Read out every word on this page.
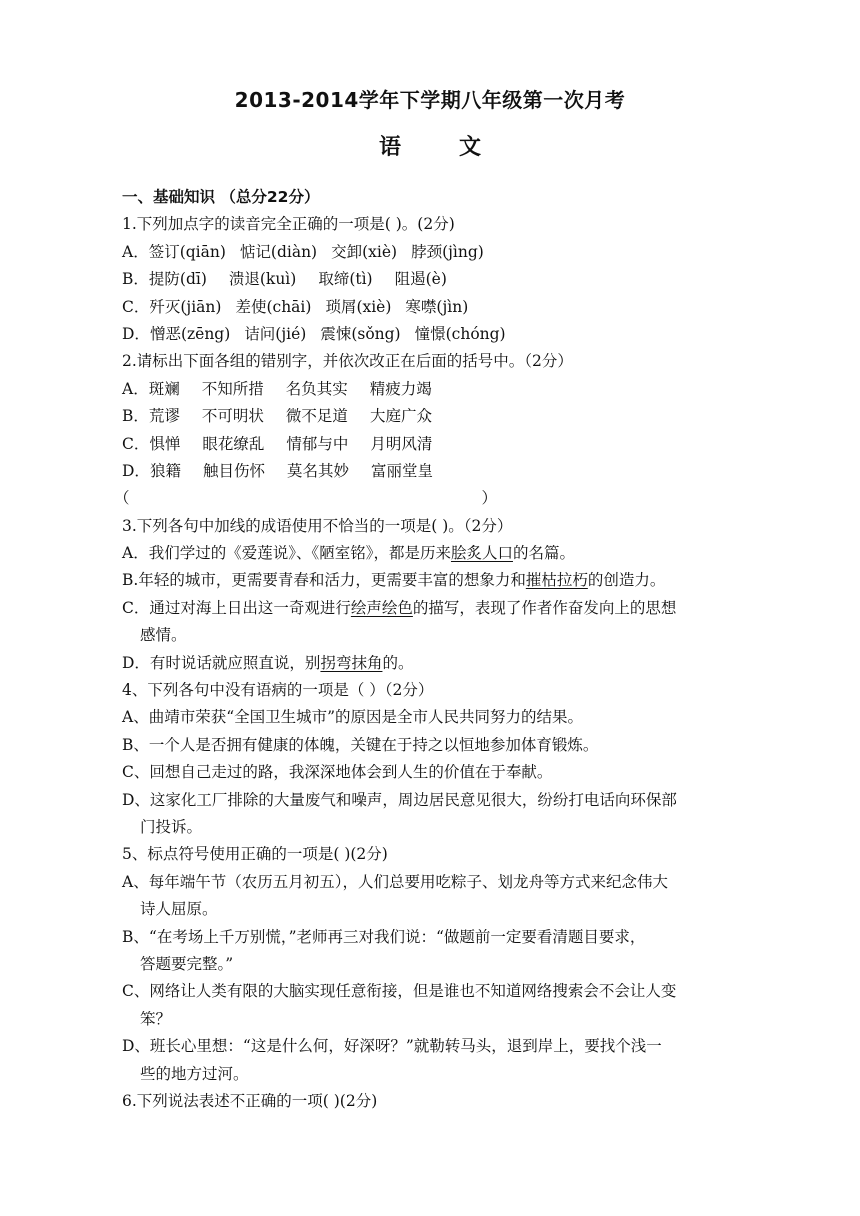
2013-2014学年下学期八年级第一次月考
语文
一、基础知识 （总分22分）
1.下列加点字的读音完全正确的一项是( )。(2分)
A．签订(qiān) 惦记(diàn) 交卸(xiè) 脖颈(jìng)
B．提防(dī) 溃退(kuì) 取缔(tì) 阻遏(è)
C．歼灭(jiān) 差使(chāi) 琐屑(xiè) 寒噤(jìn)
D．憎恶(zēng) 诘问(jié) 震悚(sǒng) 憧憬(chóng)
2.请标出下面各组的错别字，并依次改正在后面的括号中。（2分）
A．斑斓 不知所措 名负其实 精疲力竭
B．荒谬 不可明状 微不足道 大庭广众
C．惧惮 眼花缭乱 情郁与中 月明风清
D．狼籍 触目伤怀 莫名其妙 富丽堂皇
（	）
3.下列各句中加线的成语使用不恰当的一项是( )。（2分）
A．我们学过的《爱莲说》、《陋室铭》，都是历来脍炙人口的名篇。
B.年轻的城市，更需要青春和活力，更需要丰富的想象力和摧枯拉朽的创造力。
C．通过对海上日出这一奇观进行绘声绘色的描写，表现了作者作奋发向上的思想
感情。
D．有时说话就应照直说，别拐弯抹角的。
4、下列各句中没有语病的一项是（ ）（2分）
A、曲靖市荣获“全国卫生城市”的原因是全市人民共同努力的结果。
B、一个人是否拥有健康的体魄，关键在于持之以恒地参加体育锻炼。
C、回想自己走过的路，我深深地体会到人生的价值在于奉献。
D、这家化工厂排除的大量废气和噪声，周边居民意见很大，纷纷打电话向环保部
门投诉。
5、标点符号使用正确的一项是( )(2分)
A、每年端午节（农历五月初五），人们总要用吃粽子、划龙舟等方式来纪念伟大
诗人屈原。
B、“在考场上千万别慌，”老师再三对我们说：“做题前一定要看清题目要求，
答题要完整。”
C、网络让人类有限的大脑实现任意衔接，但是谁也不知道网络搜索会不会让人变
笨？
D、班长心里想：“这是什么何，好深呀？”就勒转马头，退到岸上，要找个浅一
些的地方过河。
6.下列说法表述不正确的一项( )(2分)
